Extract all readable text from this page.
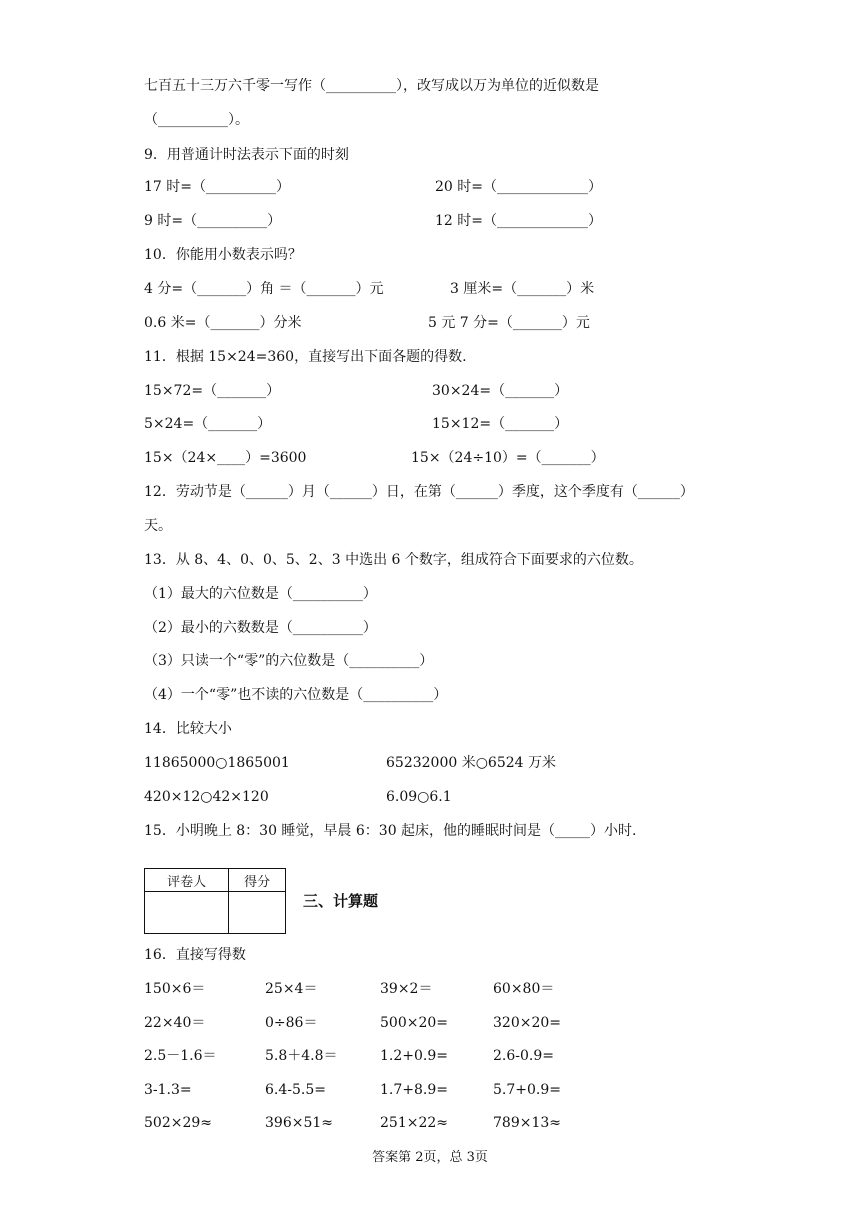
七百五十三万六千零一写作（__________），改写成以万为单位的近似数是
（__________）。
9．用普通计时法表示下面的时刻
17 时=（__________）	20 时=（_____________）
9 时=（__________）	12 时=（_____________）
10．你能用小数表示吗？
4 分=（_______）角 ＝（_______）元	3 厘米=（_______）米
0.6 米=（_______）分米	5 元 7 分=（_______）元
11．根据 15×24=360，直接写出下面各题的得数.
15×72=（_______）	30×24=（_______）
5×24=（_______）	15×12=（_______）
15×（24×____）=3600	15×（24÷10）=（_______）
12．劳动节是（______）月（______）日，在第（______）季度，这个季度有（______）
天。
13．从 8、4、0、0、5、2、3 中选出 6 个数字，组成符合下面要求的六位数。
（1）最大的六位数是（__________）
（2）最小的六数数是（__________）
（3）只读一个“零”的六位数是（__________）
（4）一个“零”也不读的六位数是（__________）
14．比较大小
11865000○1865001	65232000 米○6524 万米
420×12○42×120	6.09○6.1
15．小明晚上 8：30 睡觉，早晨 6：30 起床，他的睡眠时间是（_____）小时.
16．直接写得数
评卷人	得分

三、计算题
150×6＝	25×4＝	39×2＝	60×80＝
22×40＝	0÷86＝	500×20=	320×20=
2.5－1.6＝	5.8＋4.8＝	1.2+0.9=	2.6-0.9=
3-1.3=	6.4-5.5=	1.7+8.9=	5.7+0.9=
502×29≈	396×51≈	251×22≈	789×13≈
答案第 2页，总 3页
